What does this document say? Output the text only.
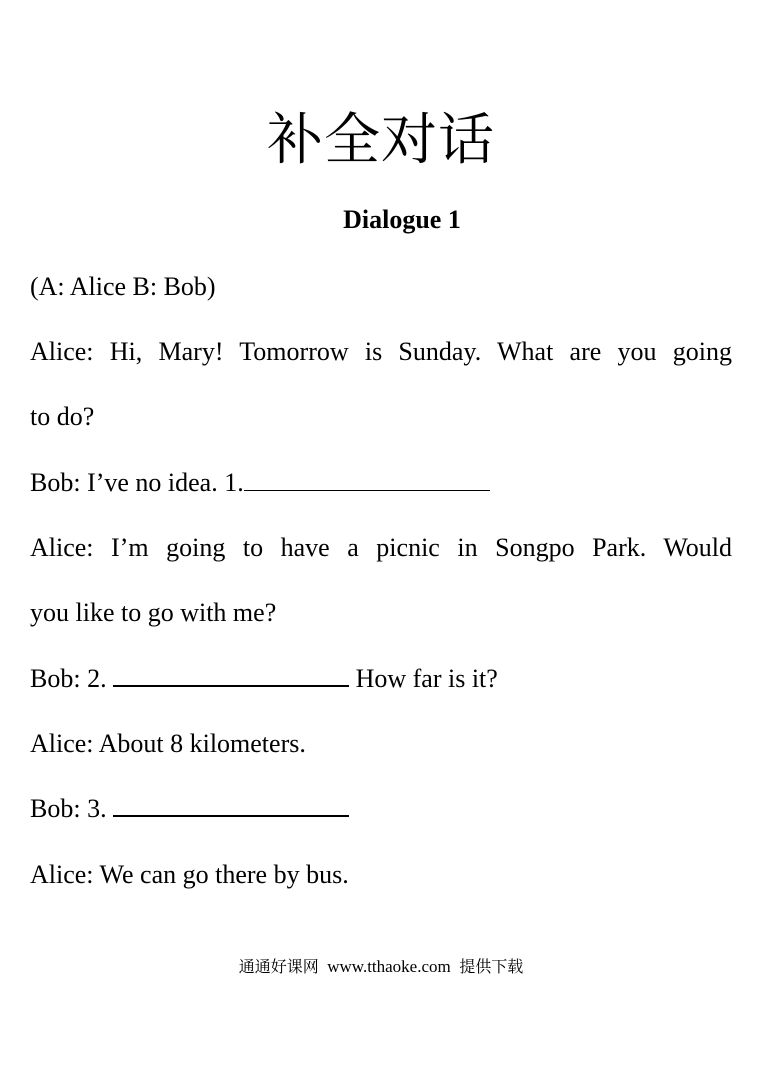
补全对话
Dialogue 1
(A: Alice B: Bob)
Alice: Hi, Mary! Tomorrow is Sunday. What are you going
to do?
Bob: I’ve no idea. 1.
Alice: I’m going to have a picnic in Songpo Park. Would
you like to go with me?
Bob: 2.	How far is it?
Alice: About 8 kilometers.
Bob: 3.
Alice: We can go there by bus.
通通好课网 www.tthaoke.com 提供下载
